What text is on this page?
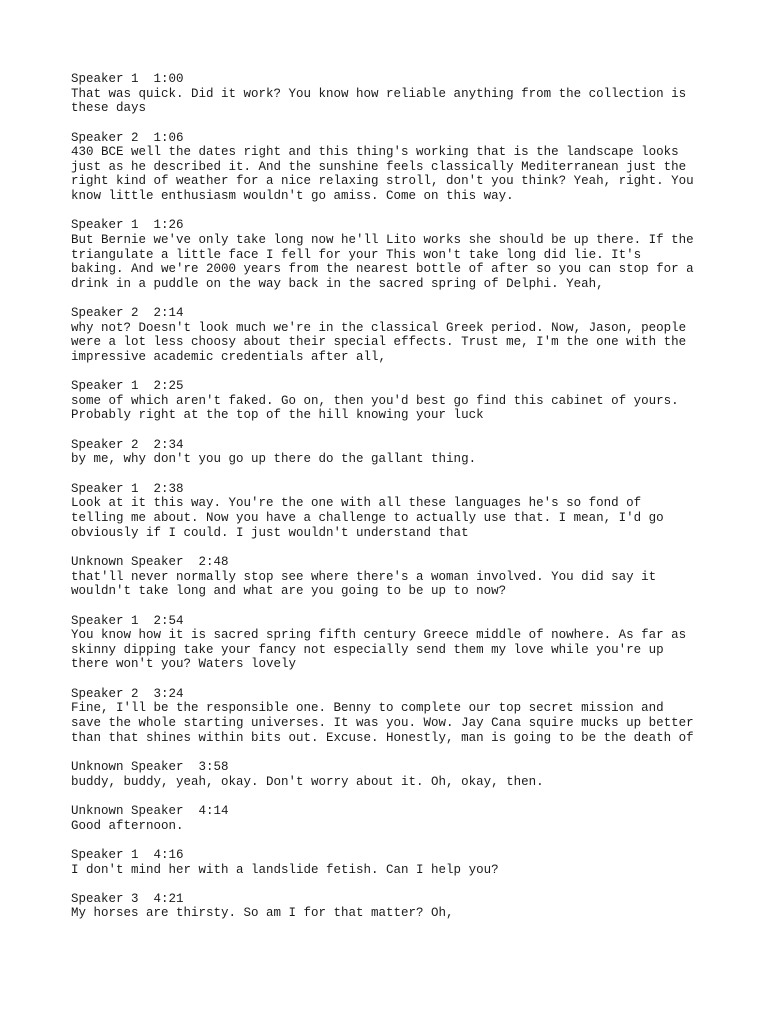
Speaker 1 1:00
That was quick. Did it work? You know how reliable anything from the collection is
these days
Speaker 2 1:06
430 BCE well the dates right and this thing's working that is the landscape looks
just as he described it. And the sunshine feels classically Mediterranean just the
right kind of weather for a nice relaxing stroll, don't you think? Yeah, right. You
know little enthusiasm wouldn't go amiss. Come on this way.
Speaker 1 1:26
But Bernie we've only take long now he'll Lito works she should be up there. If the
triangulate a little face I fell for your This won't take long did lie. It's
baking. And we're 2000 years from the nearest bottle of after so you can stop for a
drink in a puddle on the way back in the sacred spring of Delphi. Yeah,
Speaker 2 2:14
why not? Doesn't look much we're in the classical Greek period. Now, Jason, people
were a lot less choosy about their special effects. Trust me, I'm the one with the
impressive academic credentials after all,
Speaker 1 2:25
some of which aren't faked. Go on, then you'd best go find this cabinet of yours.
Probably right at the top of the hill knowing your luck
Speaker 2 2:34
by me, why don't you go up there do the gallant thing.
Speaker 1 2:38
Look at it this way. You're the one with all these languages he's so fond of
telling me about. Now you have a challenge to actually use that. I mean, I'd go
obviously if I could. I just wouldn't understand that
Unknown Speaker 2:48
that'll never normally stop see where there's a woman involved. You did say it
wouldn't take long and what are you going to be up to now?
Speaker 1 2:54
You know how it is sacred spring fifth century Greece middle of nowhere. As far as
skinny dipping take your fancy not especially send them my love while you're up
there won't you? Waters lovely
Speaker 2 3:24
Fine, I'll be the responsible one. Benny to complete our top secret mission and
save the whole starting universes. It was you. Wow. Jay Cana squire mucks up better
than that shines within bits out. Excuse. Honestly, man is going to be the death of
Unknown Speaker 3:58
buddy, buddy, yeah, okay. Don't worry about it. Oh, okay, then.
Unknown Speaker 4:14
Good afternoon.
Speaker 1 4:16
I don't mind her with a landslide fetish. Can I help you?
Speaker 3 4:21
My horses are thirsty. So am I for that matter? Oh,
